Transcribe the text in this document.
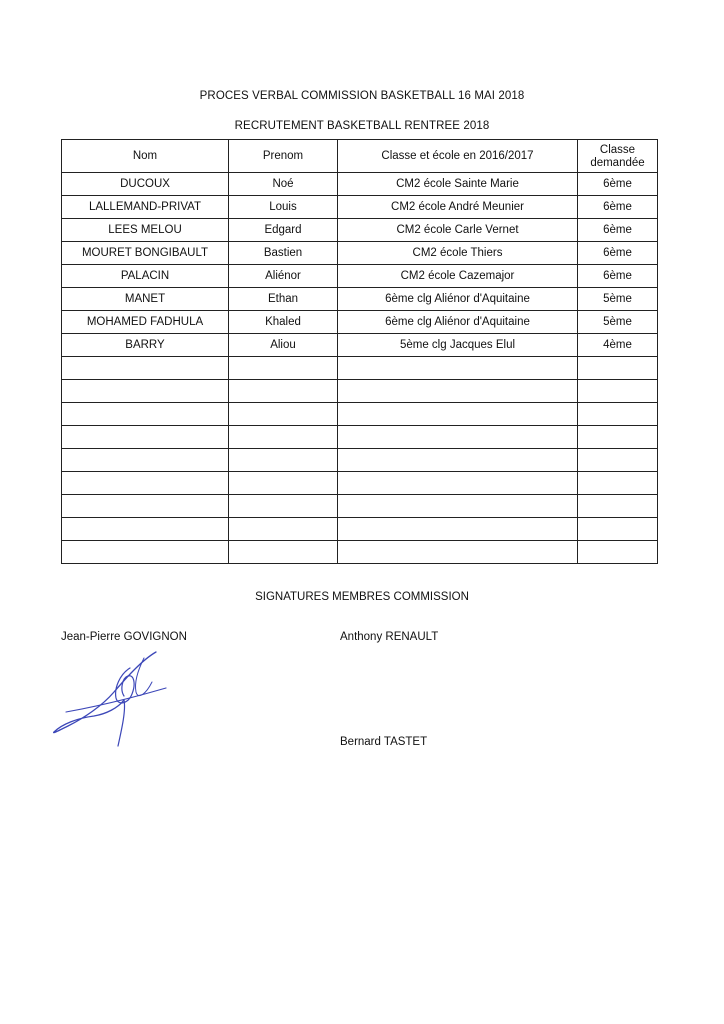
PROCES VERBAL COMMISSION BASKETBALL 16 MAI 2018
RECRUTEMENT BASKETBALL RENTREE 2018
Nom	Prenom	Classe et école en 2016/2017	Classe demandée
DUCOUX	Noé	CM2 école Sainte Marie	6ème
LALLEMAND-PRIVAT	Louis	CM2 école André Meunier	6ème
LEES MELOU	Edgard	CM2 école Carle Vernet	6ème
MOURET BONGIBAULT	Bastien	CM2 école Thiers	6ème
PALACIN	Aliénor	CM2 école Cazemajor	6ème
MANET	Ethan	6ème clg Aliénor d'Aquitaine	5ème
MOHAMED FADHULA	Khaled	6ème clg Aliénor d'Aquitaine	5ème
BARRY	Aliou	5ème clg Jacques Elul	4ème

SIGNATURES MEMBRES COMMISSION
Jean-Pierre GOVIGNON	Anthony RENAULT
Bernard TASTET
